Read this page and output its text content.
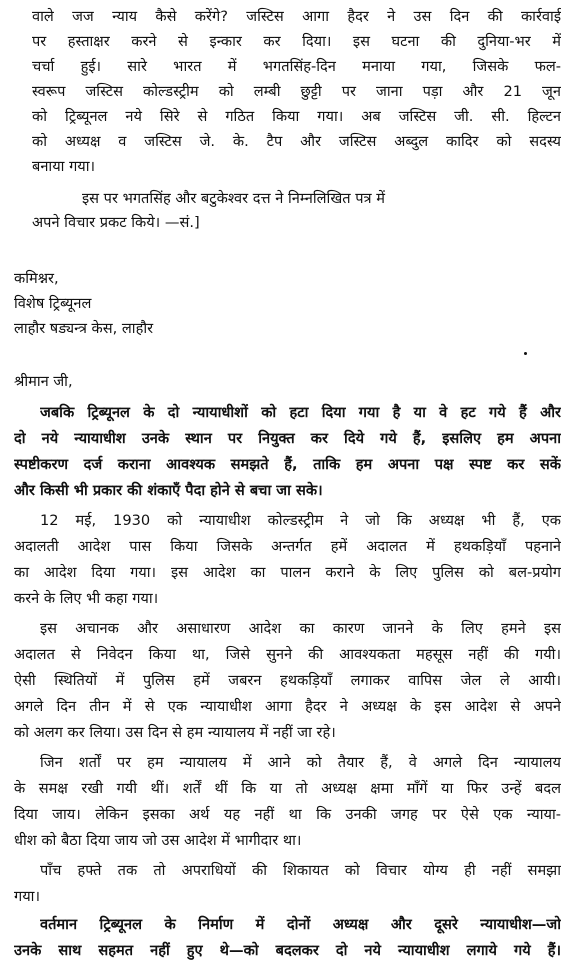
वाले जज न्याय कैसे करेंगे? जस्टिस आगा हैदर ने उस दिन की कार्रवाई
पर हस्ताक्षर करने से इन्कार कर दिया। इस घटना की दुनिया-भर में
चर्चा हुई। सारे भारत में भगतसिंह-दिन मनाया गया, जिसके फल-
स्वरूप जस्टिस कोल्डस्ट्रीम को लम्बी छुट्टी पर जाना पड़ा और 21 जून
को ट्रिब्यूनल नये सिरे से गठित किया गया। अब जस्टिस जी. सी. हिल्टन
को अध्यक्ष व जस्टिस जे. के. टैप और जस्टिस अब्दुल कादिर को सदस्य
बनाया गया।
इस पर भगतसिंह और बटुकेश्वर दत्त ने निम्नलिखित पत्र में
अपने विचार प्रकट किये। —सं.]
कमिश्नर,
विशेष ट्रिब्यूनल
लाहौर षड्यन्त्र केस, लाहौर
श्रीमान जी,
जबकि ट्रिब्यूनल के दो न्यायाधीशों को हटा दिया गया है या वे हट गये हैं और
दो नये न्यायाधीश उनके स्थान पर नियुक्त कर दिये गये हैं, इसलिए हम अपना
स्पष्टीकरण दर्ज कराना आवश्यक समझते हैं, ताकि हम अपना पक्ष स्पष्ट कर सकें
और किसी भी प्रकार की शंकाएँ पैदा होने से बचा जा सके।
12 मई, 1930 को न्यायाधीश कोल्डस्ट्रीम ने जो कि अध्यक्ष भी हैं, एक
अदालती आदेश पास किया जिसके अन्तर्गत हमें अदालत में हथकड़ियाँ पहनाने
का आदेश दिया गया। इस आदेश का पालन कराने के लिए पुलिस को बल-प्रयोग
करने के लिए भी कहा गया।
इस अचानक और असाधारण आदेश का कारण जानने के लिए हमने इस
अदालत से निवेदन किया था, जिसे सुनने की आवश्यकता महसूस नहीं की गयी।
ऐसी स्थितियों में पुलिस हमें जबरन हथकड़ियाँ लगाकर वापिस जेल ले आयी।
अगले दिन तीन में से एक न्यायाधीश आगा हैदर ने अध्यक्ष के इस आदेश से अपने
को अलग कर लिया। उस दिन से हम न्यायालय में नहीं जा रहे।
जिन शर्तों पर हम न्यायालय में आने को तैयार हैं, वे अगले दिन न्यायालय
के समक्ष रखी गयी थीं। शर्तें थीं कि या तो अध्यक्ष क्षमा माँगें या फिर उन्हें बदल
दिया जाय। लेकिन इसका अर्थ यह नहीं था कि उनकी जगह पर ऐसे एक न्याया-
धीश को बैठा दिया जाय जो उस आदेश में भागीदार था।
पाँच हफ्ते तक तो अपराधियों की शिकायत को विचार योग्य ही नहीं समझा
गया।
वर्तमान ट्रिब्यूनल के निर्माण में दोनों अध्यक्ष और दूसरे न्यायाधीश—जो
उनके साथ सहमत नहीं हुए थे—को बदलकर दो नये न्यायाधीश लगाये गये हैं।
